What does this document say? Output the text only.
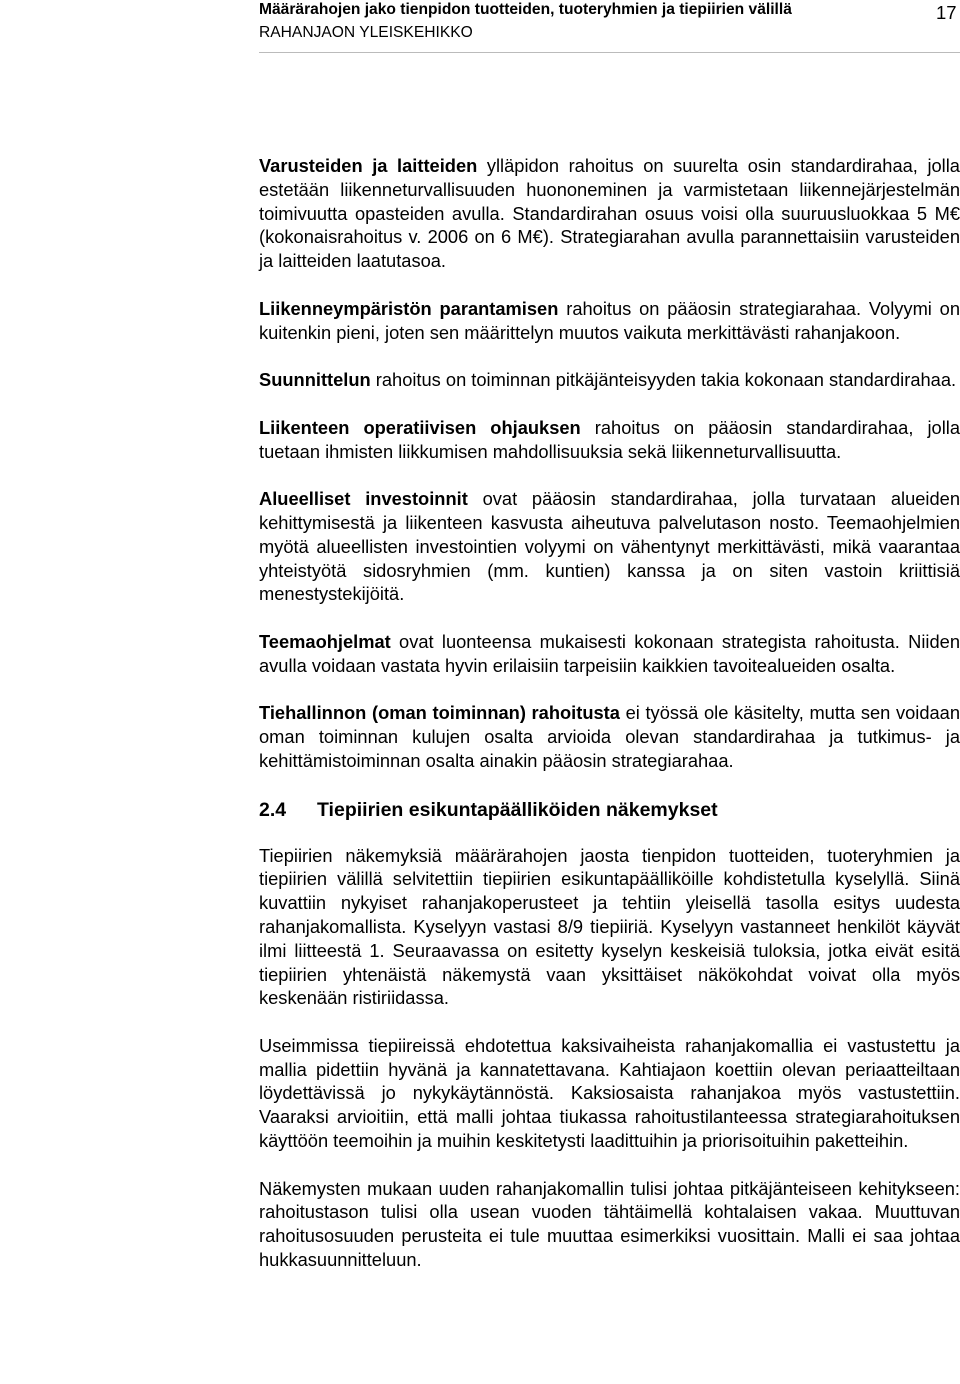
Määrärahojen jako tienpidon tuotteiden, tuoteryhmien ja tiepiirien välillä
RAHANJAON YLEISKEHIKKO
17

Varusteiden ja laitteiden ylläpidon rahoitus on suurelta osin standardirahaa, jolla estetään liikenneturvallisuuden huononeminen ja varmistetaan liikennejärjestelmän toimivuutta opasteiden avulla. Standardirahan osuus voisi olla suuruusluokkaa 5 M€ (kokonaisrahoitus v. 2006 on 6 M€). Strategiarahan avulla parannettaisiin varusteiden ja laitteiden laatutasoa.

Liikenneympäristön parantamisen rahoitus on pääosin strategiarahaa. Volyymi on kuitenkin pieni, joten sen määrittelyn muutos vaikuta merkittävästi rahanjakoon.

Suunnittelun rahoitus on toiminnan pitkäjänteisyyden takia kokonaan standardirahaa.

Liikenteen operatiivisen ohjauksen rahoitus on pääosin standardirahaa, jolla tuetaan ihmisten liikkumisen mahdollisuuksia sekä liikenneturvallisuutta.

Alueelliset investoinnit ovat pääosin standardirahaa, jolla turvataan alueiden kehittymisestä ja liikenteen kasvusta aiheutuva palvelutason nosto. Teemaohjelmien myötä alueellisten investointien volyymi on vähentynyt merkittävästi, mikä vaarantaa yhteistyötä sidosryhmien (mm. kuntien) kanssa ja on siten vastoin kriittisiä menestystekijöitä.

Teemaohjelmat ovat luonteensa mukaisesti kokonaan strategista rahoitusta. Niiden avulla voidaan vastata hyvin erilaisiin tarpeisiin kaikkien tavoitealueiden osalta.

Tiehallinnon (oman toiminnan) rahoitusta ei työssä ole käsitelty, mutta sen voidaan oman toiminnan kulujen osalta arvioida olevan standardirahaa ja tutkimus- ja kehittämistoiminnan osalta ainakin pääosin strategiarahaa.

2.4 Tiepiirien esikuntapäälliköiden näkemykset

Tiepiirien näkemyksiä määrärahojen jaosta tienpidon tuotteiden, tuoteryhmien ja tiepiirien välillä selvitettiin tiepiirien esikuntapäälliköille kohdistetulla kyselyllä. Siinä kuvattiin nykyiset rahanjakoperusteet ja tehtiin yleisellä tasolla esitys uudesta rahanjakomallista. Kyselyyn vastasi 8/9 tiepiiriä. Kyselyyn vastanneet henkilöt käyvät ilmi liitteestä 1. Seuraavassa on esitetty kyselyn keskeisiä tuloksia, jotka eivät esitä tiepiirien yhtenäistä näkemystä vaan yksittäiset näkökohdat voivat olla myös keskenään ristiriidassa.

Useimmissa tiepiireissä ehdotettua kaksivaiheista rahanjakomallia ei vastustettu ja mallia pidettiin hyvänä ja kannatettavana. Kahtiajaon koettiin olevan periaatteiltaan löydettävissä jo nykykäytännöstä. Kaksiosaista rahanjakoa myös vastustettiin. Vaaraksi arvioitiin, että malli johtaa tiukassa rahoitustilanteessa strategiarahoituksen käyttöön teemoihin ja muihin keskitetysti laadittuihin ja priorisoituihin paketteihin.

Näkemysten mukaan uuden rahanjakomallin tulisi johtaa pitkäjänteiseen kehitykseen: rahoitustason tulisi olla usean vuoden tähtäimellä kohtalaisen vakaa. Muuttuvan rahoitusosuuden perusteita ei tule muuttaa esimerkiksi vuosittain. Malli ei saa johtaa hukkasuunnitteluun.
